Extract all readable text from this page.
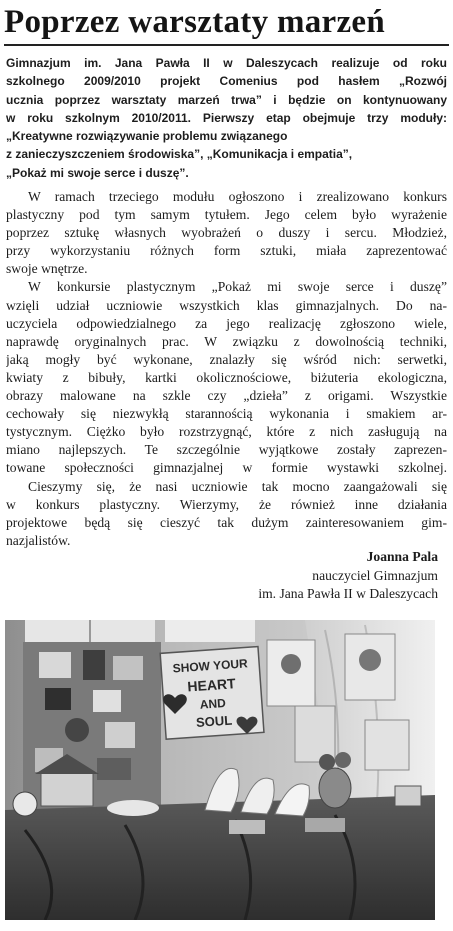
Poprzez warsztaty marzeń
Gimnazjum im. Jana Pawła II w Daleszycach realizuje od roku
szkolnego 2009/2010 projekt Comenius pod hasłem „Rozwój
ucznia poprzez warsztaty marzeń trwa” i będzie on kontynuowany
w roku szkolnym 2010/2011. Pierwszy etap obejmuje trzy moduły:
„Kreatywne rozwiązywanie problemu związanego
z zanieczyszczeniem środowiska”, „Komunikacja i empatia”,
„Pokaż mi swoje serce i duszę”.
W ramach trzeciego modułu ogłoszono i zrealizowano konkurs
plastyczny pod tym samym tytułem. Jego celem było wyrażenie
poprzez sztukę własnych wyobrażeń o duszy i sercu. Młodzież,
przy wykorzystaniu różnych form sztuki, miała zaprezentować
swoje wnętrze.
W konkursie plastycznym „Pokaż mi swoje serce i duszę”
wzięli udział uczniowie wszystkich klas gimnazjalnych. Do na-
uczyciela odpowiedzialnego za jego realizację zgłoszono wiele,
naprawdę oryginalnych prac. W związku z dowolnością techniki,
jaką mogły być wykonane, znalazły się wśród nich: serwetki,
kwiaty z bibuły, kartki okolicznościowe, biżuteria ekologiczna,
obrazy malowane na szkle czy „dzieła” z origami. Wszystkie
cechowały się niezwykłą starannością wykonania i smakiem ar-
tystycznym. Ciężko było rozstrzygnąć, które z nich zasługują na
miano najlepszych. Te szczególnie wyjątkowe zostały zaprezen-
towane społeczności gimnazjalnej w formie wystawki szkolnej.
Cieszymy się, że nasi uczniowie tak mocno zaangażowali się
w konkurs plastyczny. Wierzymy, że również inne działania
projektowe będą się cieszyć tak dużym zainteresowaniem gim-
nazjalistów.
Joanna Pala
nauczyciel Gimnazjum
im. Jana Pawła II w Daleszycach
SHOW YOUR
HEART
AND
SOUL
